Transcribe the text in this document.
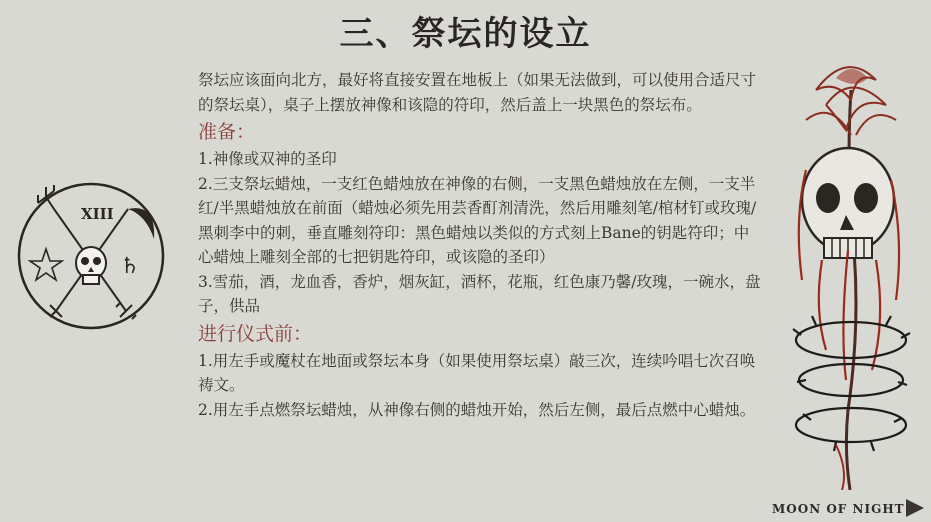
三、祭坛的设立
XIII
♄

祭坛应该面向北方，最好将直接安置在地板上（如果无法做到，可以使用合适尺寸的祭坛桌），桌子上摆放神像和该隐的符印，然后盖上一块黑色的祭坛布。

准备：

1.神像或双神的圣印

2.三支祭坛蜡烛，一支红色蜡烛放在神像的右侧，一支黑色蜡烛放在左侧，一支半红/半黑蜡烛放在前面（蜡烛必须先用芸香酊剂清洗，然后用雕刻笔/棺材钉或玫瑰/黑刺李中的刺，垂直雕刻符印：黑色蜡烛以类似的方式刻上Bane的钥匙符印；中心蜡烛上雕刻全部的七把钥匙符印，或该隐的圣印）

3.雪茄，酒，龙血香，香炉，烟灰缸，酒杯，花瓶，红色康乃馨/玫瑰，一碗水，盘子，供品

进行仪式前：

1.用左手或魔杖在地面或祭坛本身（如果使用祭坛桌）敲三次，连续吟唱七次召唤祷文。

2.用左手点燃祭坛蜡烛，从神像右侧的蜡烛开始，然后左侧，最后点燃中心蜡烛。

MOON OF NIGHT
